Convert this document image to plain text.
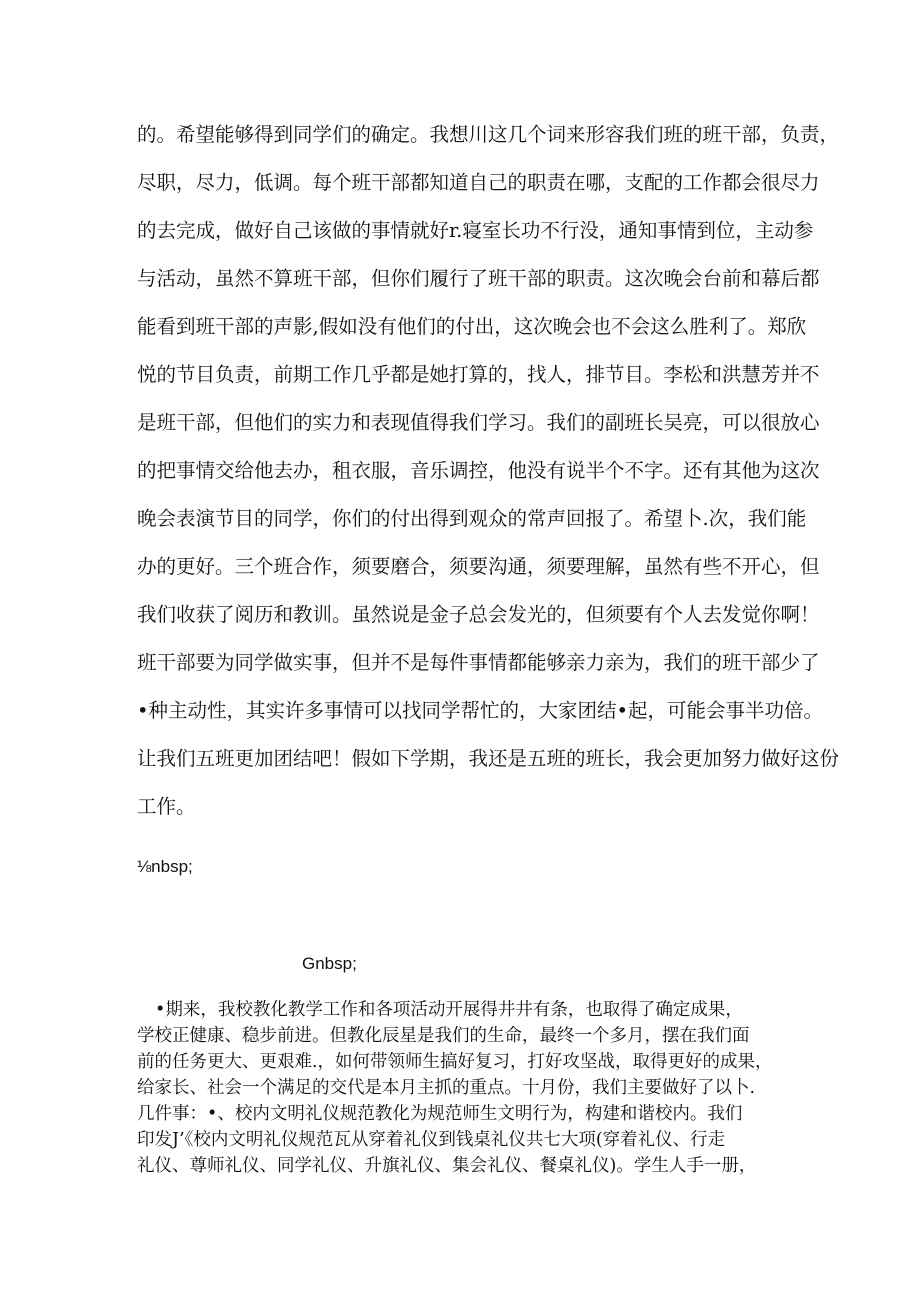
的。希望能够得到同学们的确定。我想川这几个词来形容我们班的班干部，负责，
尽职，尽力，低调。每个班干部都知道自己的职责在哪，支配的工作都会很尽力
的去完成，做好自己该做的事情就好r.寝室长功不行没，通知事情到位，主动参
与活动，虽然不算班干部，但你们履行了班干部的职责。这次晚会台前和幕后都
能看到班干部的声影,假如没有他们的付出，这次晚会也不会这么胜利了。郑欣
悦的节目负责，前期工作几乎都是她打算的，找人，排节目。李松和洪慧芳并不
是班干部，但他们的实力和表现值得我们学习。我们的副班长吴亮，可以很放心
的把事情交给他去办，租衣服，音乐调控，他没有说半个不字。还有其他为这次
晚会表演节目的同学，你们的付出得到观众的常声回报了。希望卜.次，我们能
办的更好。三个班合作，须要磨合，须要沟通，须要理解，虽然有些不开心，但
我们收获了阅历和教训。虽然说是金子总会发光的，但须要有个人去发觉你啊！
班干部要为同学做实事，但并不是每件事情都能够亲力亲为，我们的班干部少了
•种主动性，其实许多事情可以找同学帮忙的，大家团结•起，可能会事半功倍。
让我们五班更加团结吧！假如下学期，我还是五班的班长，我会更加努力做好这份
工作。
⅛nbsp;
Gnbsp;
•期来，我校教化教学工作和各项活动开展得井井有条，也取得了确定成果，
学校正健康、稳步前进。但教化辰星是我们的生命，最终一个多月，摆在我们面
前的任务更大、更艰难.，如何带领师生搞好复习，打好攻坚战，取得更好的成果，
给家长、社会一个满足的交代是本月主抓的重点。十月份，我们主要做好了以卜.
几件事：•、校内文明礼仪规范教化为规范师生文明行为，构建和谐校内。我们
印发J’《校内文明礼仪规范瓦从穿着礼仪到钱桌礼仪共七大项(穿着礼仪、行走
礼仪、尊师礼仪、同学礼仪、升旗礼仪、集会礼仪、餐桌礼仪)。学生人手一册，
